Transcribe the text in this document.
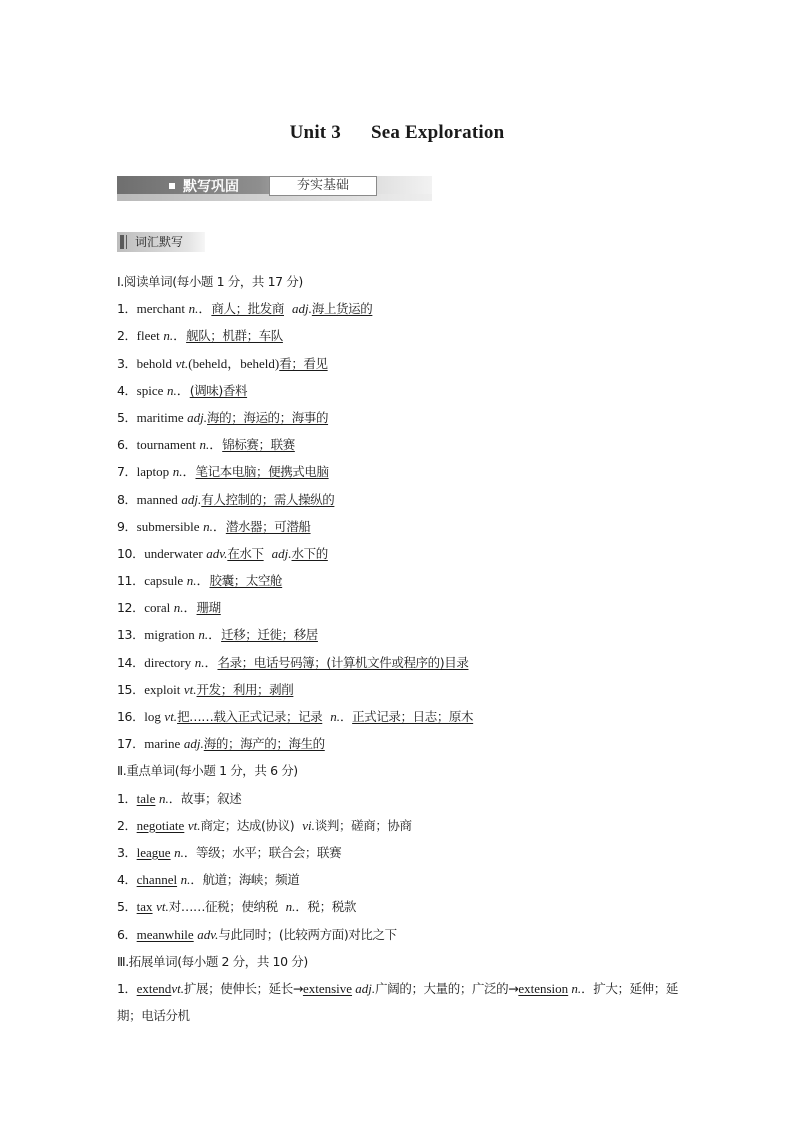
Unit 3 Sea Exploration
默写巩固	夯实基础
词汇默写
Ⅰ.阅读单词(每小题 1 分，共 17 分)
1．merchant n.．商人；批发商 adj.海上货运的
2．fleet n.．舰队；机群；车队
3．behold vt.(beheld，beheld)看；看见
4．spice n.．(调味)香料
5．maritime adj.海的；海运的；海事的
6．tournament n.．锦标赛；联赛
7．laptop n.．笔记本电脑；便携式电脑
8．manned adj.有人控制的；需人操纵的
9．submersible n.．潜水器；可潜船
10．underwater adv.在水下 adj.水下的
11．capsule n.．胶囊；太空舱
12．coral n.．珊瑚
13．migration n.．迁移；迁徙；移居
14．directory n.．名录；电话号码簿；(计算机文件或程序的)目录
15．exploit vt.开发；利用；剥削
16．log vt.把……载入正式记录；记录 n.．正式记录；日志；原木
17．marine adj.海的；海产的；海生的
Ⅱ.重点单词(每小题 1 分，共 6 分)
1．tale n.．故事；叙述
2．negotiate vt.商定；达成(协议) vi.谈判；磋商；协商
3．league n.．等级；水平；联合会；联赛
4．channel n.．航道；海峡；频道
5．tax vt.对……征税；使纳税 n.．税；税款
6．meanwhile adv.与此同时；(比较两方面)对比之下
Ⅲ.拓展单词(每小题 2 分，共 10 分)
1．extendvt.扩展；使伸长；延长→extensive adj.广阔的；大量的；广泛的→extension n.．扩大；延伸；延期；电话分机
